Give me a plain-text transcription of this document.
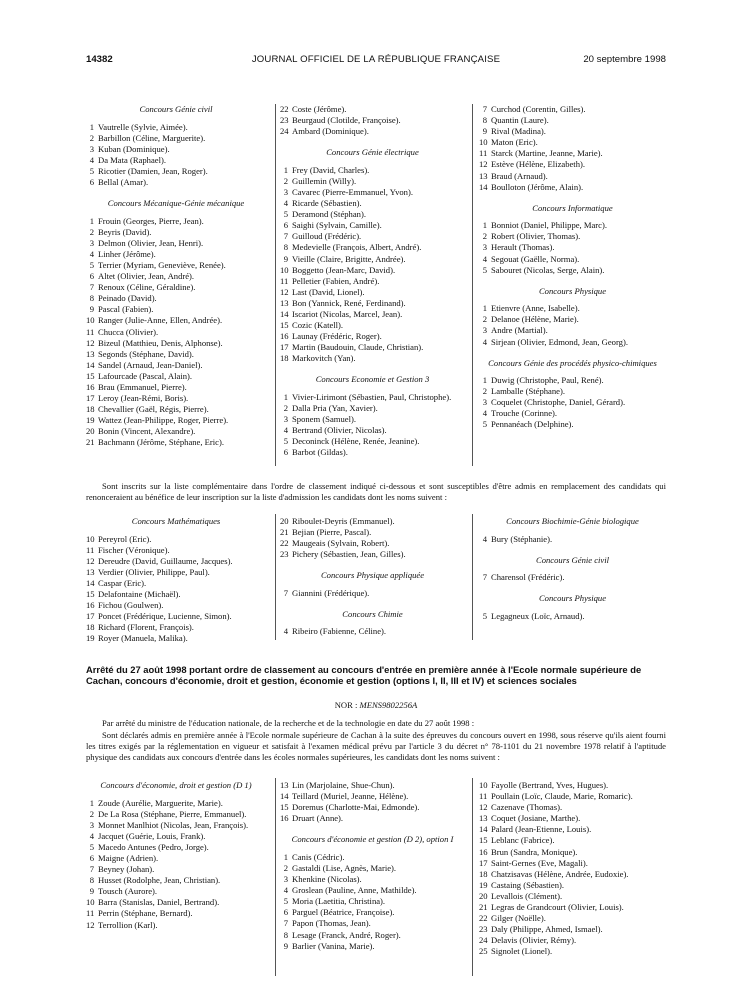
14382	JOURNAL OFFICIEL DE LA RÉPUBLIQUE FRANÇAISE	20 septembre 1998
Concours Génie civil
1 Vautrelle (Sylvie, Aimée).
2 Barbillon (Céline, Marguerite).
3 Kuban (Dominique).
4 Da Mata (Raphael).
5 Ricotier (Damien, Jean, Roger).
6 Bellal (Amar).
Concours Mécanique-Génie mécanique
1 Frouin (Georges, Pierre, Jean).
2 Beyris (David).
3 Delmon (Olivier, Jean, Henri).
4 Linher (Jérôme).
5 Terrier (Myriam, Geneviève, Renée).
6 Altet (Olivier, Jean, André).
7 Renoux (Céline, Géraldine).
8 Peinado (David).
9 Pascal (Fabien).
10 Ranger (Julie-Anne, Ellen, Andrée).
11 Chucca (Olivier).
12 Bizeul (Matthieu, Denis, Alphonse).
13 Segonds (Stéphane, David).
14 Sandel (Arnaud, Jean-Daniel).
15 Lafourcade (Pascal, Alain).
16 Brau (Emmanuel, Pierre).
17 Leroy (Jean-Rémi, Boris).
18 Chevallier (Gaël, Régis, Pierre).
19 Wattez (Jean-Philippe, Roger, Pierre).
20 Bonin (Vincent, Alexandre).
21 Bachmann (Jérôme, Stéphane, Eric).
22 Coste (Jérôme).
23 Beurgaud (Clotilde, Françoise).
24 Ambard (Dominique).
Concours Génie électrique
1 Frey (David, Charles).
2 Guillemin (Willy).
3 Cavarec (Pierre-Emmanuel, Yvon).
4 Ricarde (Sébastien).
5 Deramond (Stéphan).
6 Saighi (Sylvain, Camille).
7 Guilloud (Frédéric).
8 Medevielle (François, Albert, André).
9 Vieille (Claire, Brigitte, Andrée).
10 Boggetto (Jean-Marc, David).
11 Pelletier (Fabien, André).
12 Last (David, Lionel).
13 Bon (Yannick, René, Ferdinand).
14 Iscariot (Nicolas, Marcel, Jean).
15 Cozic (Katell).
16 Launay (Frédéric, Roger).
17 Martin (Baudouin, Claude, Christian).
18 Markovitch (Yan).
Concours Economie et Gestion 3
1 Vivier-Lirimont (Sébastien, Paul, Christophe).
2 Dalla Pria (Yan, Xavier).
3 Sponem (Samuel).
4 Bertrand (Olivier, Nicolas).
5 Deconinck (Hélène, Renée, Jeanine).
6 Barbot (Gildas).
7 Curchod (Corentin, Gilles).
8 Quantin (Laure).
9 Rival (Madina).
10 Maton (Eric).
11 Starck (Martine, Jeanne, Marie).
12 Estève (Hélène, Elizabeth).
13 Braud (Arnaud).
14 Boulloton (Jérôme, Alain).
Concours Informatique
1 Bonniot (Daniel, Philippe, Marc).
2 Robert (Olivier, Thomas).
3 Herault (Thomas).
4 Segouat (Gaëlle, Norma).
5 Sabouret (Nicolas, Serge, Alain).
Concours Physique
1 Etienvre (Anne, Isabelle).
2 Delanoe (Hélène, Marie).
3 Andre (Martial).
4 Sirjean (Olivier, Edmond, Jean, Georg).
Concours Génie des procédés physico-chimiques
1 Duwig (Christophe, Paul, René).
2 Lamballe (Stéphane).
3 Coquelet (Christophe, Daniel, Gérard).
4 Trouche (Corinne).
5 Pennanéach (Delphine).
Sont inscrits sur la liste complémentaire dans l'ordre de classement indiqué ci-dessous et sont susceptibles d'être admis en remplacement des candidats qui renonceraient au bénéfice de leur inscription sur la liste d'admission les candidats dont les noms suivent :
Concours Mathématiques
10 Pereyrol (Eric).
11 Fischer (Véronique).
12 Dereudre (David, Guillaume, Jacques).
13 Verdier (Olivier, Philippe, Paul).
14 Caspar (Eric).
15 Delafontaine (Michaël).
16 Fichou (Goulwen).
17 Poncet (Frédérique, Lucienne, Simon).
18 Richard (Florent, François).
19 Royer (Manuela, Malika).
20 Riboulet-Deyris (Emmanuel).
21 Bejian (Pierre, Pascal).
22 Maugeais (Sylvain, Robert).
23 Pichery (Sébastien, Jean, Gilles).
Concours Physique appliquée
7 Giannini (Frédérique).
Concours Chimie
4 Ribeiro (Fabienne, Céline).
Concours Biochimie-Génie biologique
4 Bury (Stéphanie).
Concours Génie civil
7 Charensol (Frédéric).
Concours Physique
5 Legagneux (Loïc, Arnaud).
Arrêté du 27 août 1998 portant ordre de classement au concours d'entrée en première année à l'Ecole normale supérieure de Cachan, concours d'économie, droit et gestion, économie et gestion (options I, II, III et IV) et sciences sociales
NOR : MENS9802256A
Par arrêté du ministre de l'éducation nationale, de la recherche et de la technologie en date du 27 août 1998 :
Sont déclarés admis en première année à l'Ecole normale supérieure de Cachan à la suite des épreuves du concours ouvert en 1998, sous réserve qu'ils aient fourni les titres exigés par la réglementation en vigueur et satisfait à l'examen médical prévu par l'article 3 du décret n° 78-1101 du 21 novembre 1978 relatif à l'aptitude physique des candidats aux concours d'entrée dans les écoles normales supérieures, les candidats dont les noms suivent :
Concours d'économie, droit et gestion (D 1)
1 Zoude (Aurélie, Marguerite, Marie).
2 De La Rosa (Stéphane, Pierre, Emmanuel).
3 Monnet Manlhiot (Nicolas, Jean, François).
4 Jacquet (Guérie, Louis, Frank).
5 Macedo Antunes (Pedro, Jorge).
6 Maigne (Adrien).
7 Beyney (Johan).
8 Husset (Rodolphe, Jean, Christian).
9 Tousch (Aurore).
10 Barra (Stanislas, Daniel, Bertrand).
11 Perrin (Stéphane, Bernard).
12 Terrollion (Karl).
13 Lin (Marjolaine, Shue-Chun).
14 Teillard (Muriel, Jeanne, Hélène).
15 Doremus (Charlotte-Mai, Edmonde).
16 Druart (Anne).
Concours d'économie et gestion (D 2), option I
1 Canis (Cédric).
2 Gastaldi (Lise, Agnès, Marie).
3 Khenkine (Nicolas).
4 Groslean (Pauline, Anne, Mathilde).
5 Moria (Laetitia, Christina).
6 Parguel (Béatrice, Françoise).
7 Papon (Thomas, Jean).
8 Lesage (Franck, André, Roger).
9 Barlier (Vanina, Marie).
10 Fayolle (Bertrand, Yves, Hugues).
11 Poullain (Loïc, Claude, Marie, Romaric).
12 Cazenave (Thomas).
13 Coquet (Josiane, Marthe).
14 Palard (Jean-Etienne, Louis).
15 Leblanc (Fabrice).
16 Brun (Sandra, Monique).
17 Saint-Gernes (Eve, Magali).
18 Chatzisavas (Hélène, Andrée, Eudoxie).
19 Castaing (Sébastien).
20 Levallois (Clément).
21 Legras de Grandcourt (Olivier, Louis).
22 Gilger (Noëlle).
23 Daly (Philippe, Ahmed, Ismael).
24 Delavis (Olivier, Rémy).
25 Signolet (Lionel).
